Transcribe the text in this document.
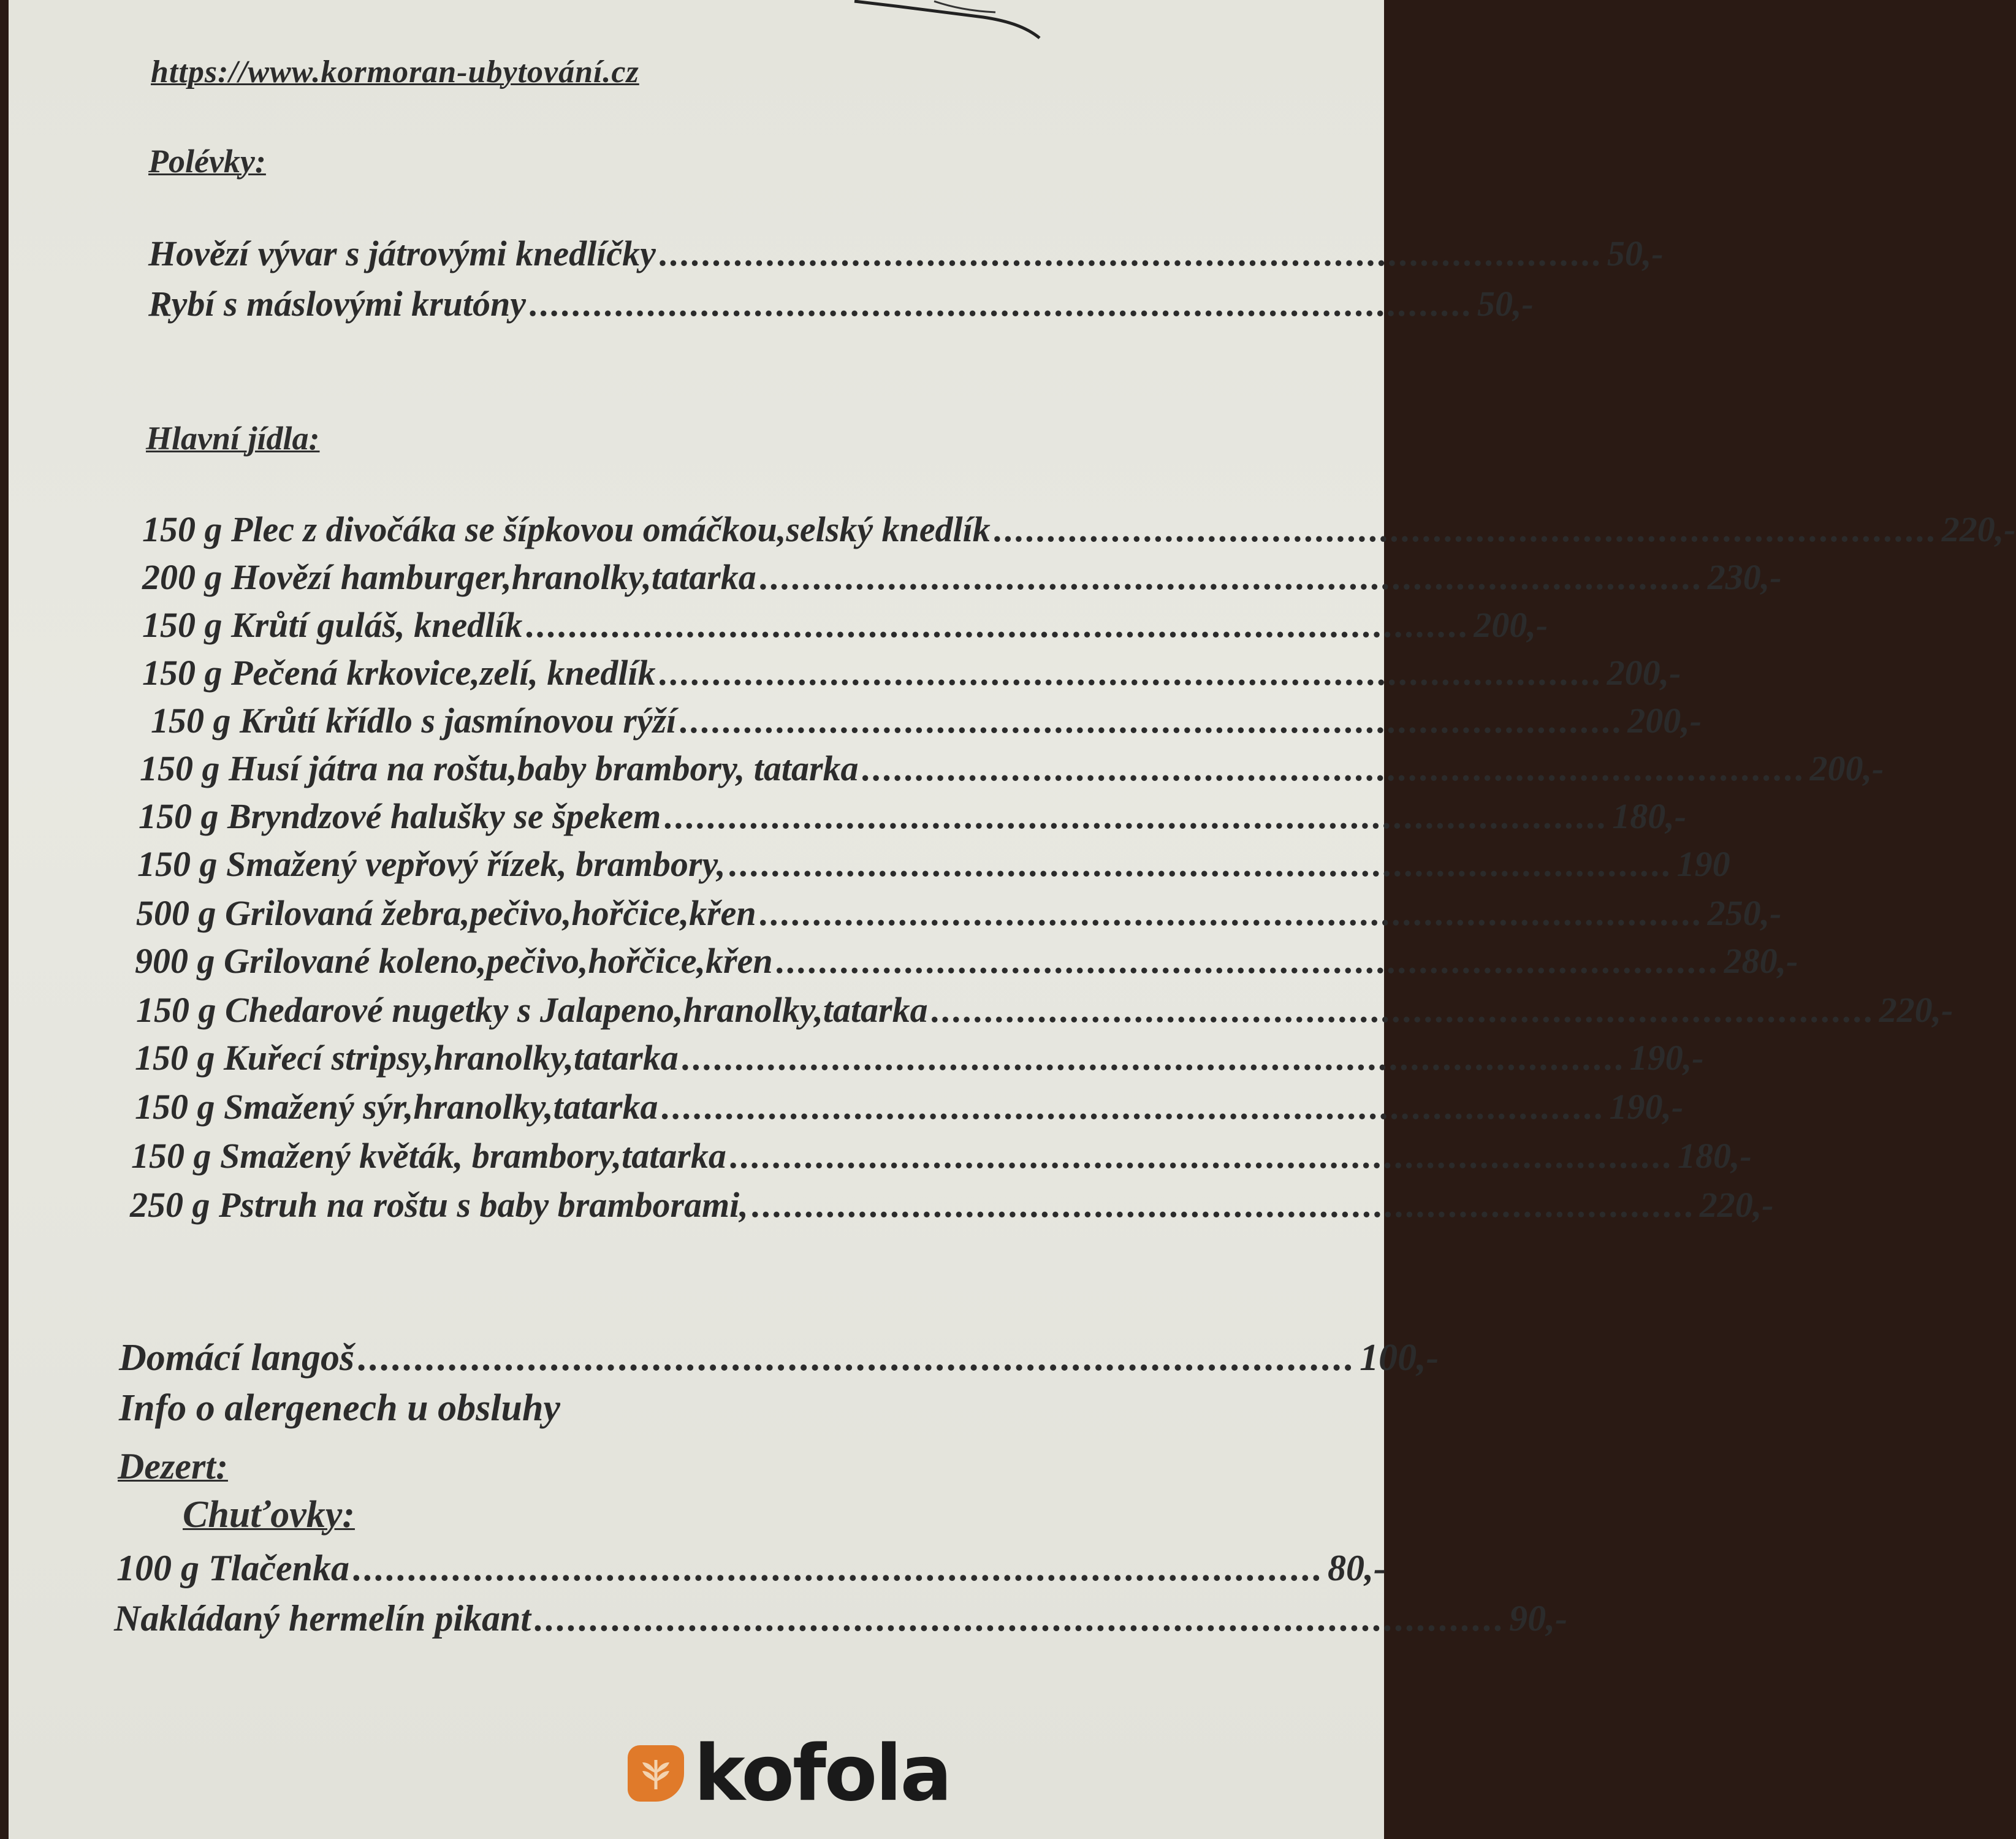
https://www.kormoran-ubytování.cz
Polévky:
Hovězí vývar s játrovými knedlíčky ........................................................................................ 50,-
Rybí s máslovými krutóny ........................................................................................ 50,-
Hlavní jídla:
150 g Plec z divočáka se šípkovou omáčkou,selský knedlík ........................................................................................ 220,-
200 g Hovězí hamburger,hranolky,tatarka ........................................................................................ 230,-
150 g Krůtí guláš, knedlík ........................................................................................ 200,-
150 g Pečená krkovice,zelí, knedlík ........................................................................................ 200,-
150 g Krůtí křídlo s jasmínovou rýží ........................................................................................ 200,-
150 g Husí játra na roštu,baby brambory, tatarka ........................................................................................ 200,-
150 g Bryndzové halušky se špekem ........................................................................................ 180,-
150 g Smažený vepřový řízek, brambory, ........................................................................................ 190
500 g Grilovaná žebra,pečivo,hořčice,křen ........................................................................................ 250,-
900 g Grilované koleno,pečivo,hořčice,křen ........................................................................................ 280,-
150 g Chedarové nugetky s Jalapeno,hranolky,tatarka ........................................................................................ 220,-
150 g Kuřecí stripsy,hranolky,tatarka ........................................................................................ 190,-
150 g Smažený sýr,hranolky,tatarka ........................................................................................ 190,-
150 g Smažený květák, brambory,tatarka ........................................................................................ 180,-
250 g Pstruh na roštu s baby bramborami, ........................................................................................ 220,-
Domácí langoš ........................................................................................ 100,-
Info o alergenech u obsluhy
Dezert:
Chuťovky:
100 g Tlačenka ........................................................................................ 80,-
Nakládaný hermelín pikant ........................................................................................ 90,-
kofola
